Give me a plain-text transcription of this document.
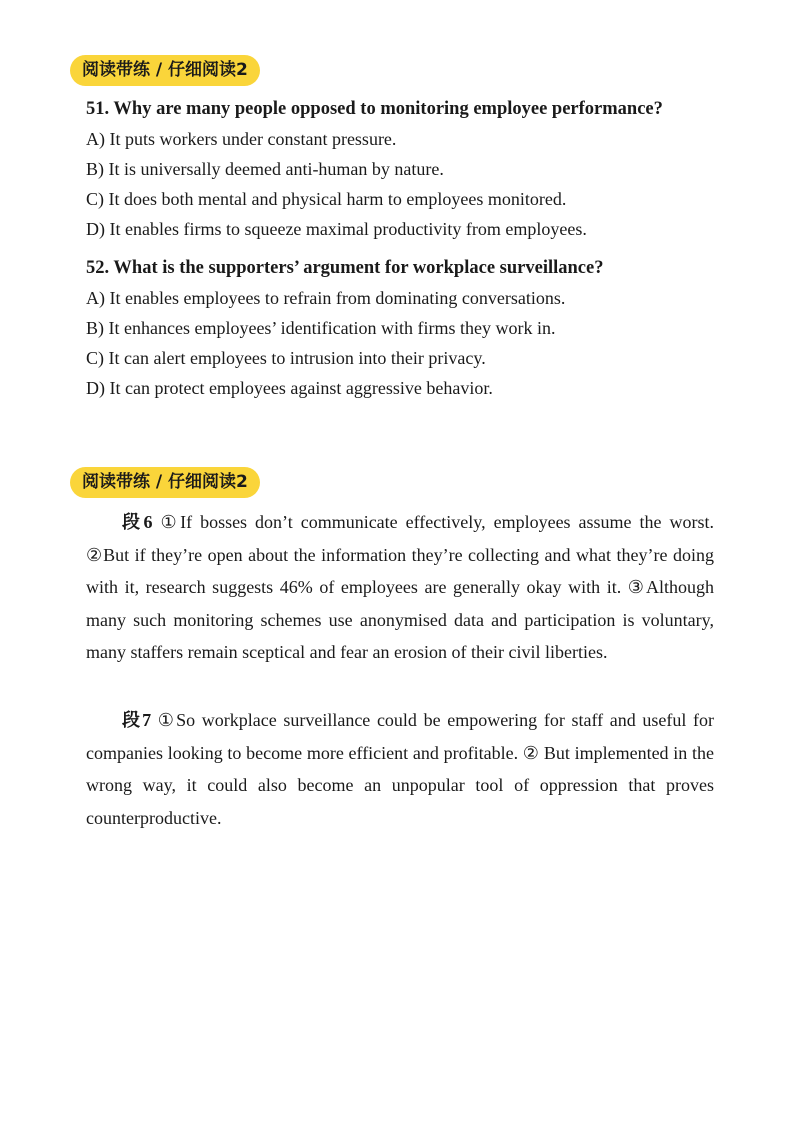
阅读带练 / 仔细阅读2
51. Why are many people opposed to monitoring employee performance?
A) It puts workers under constant pressure.
B) It is universally deemed anti-human by nature.
C) It does both mental and physical harm to employees monitored.
D) It enables firms to squeeze maximal productivity from employees.
52. What is the supporters’ argument for workplace surveillance?
A) It enables employees to refrain from dominating conversations.
B) It enhances employees’ identification with firms they work in.
C) It can alert employees to intrusion into their privacy.
D) It can protect employees against aggressive behavior.
阅读带练 / 仔细阅读2

段6 ①If bosses don’t communicate effectively, employees assume the worst. ②But if they’re open about the information they’re collecting and what they’re doing with it, research suggests 46% of employees are generally okay with it. ③Although many such monitoring schemes use anonymised data and participation is voluntary, many staffers remain sceptical and fear an erosion of their civil liberties.

段7 ①So workplace surveillance could be empowering for staff and useful for companies looking to become more efficient and profitable. ② But implemented in the wrong way, it could also become an unpopular tool of oppression that proves counterproductive.
